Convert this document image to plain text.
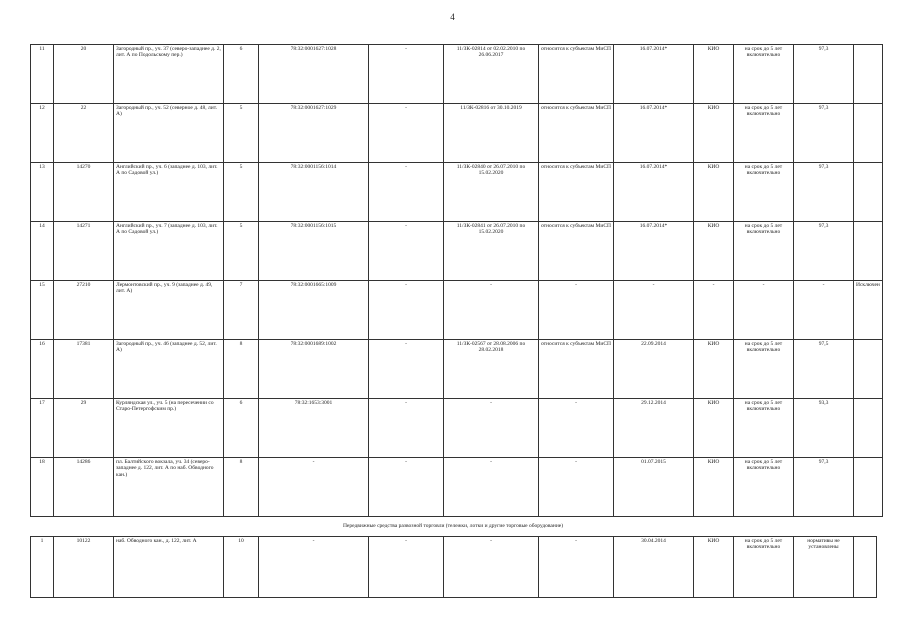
4
11	20	Загородный пр., уч. 37 (северо-западнее д. 2, лит. А по Подольскому пер.)	6	78:32:0001627:1028	-	11/ЗК-02814 от 02.02.2010 по 26.06.2017	относится к субъектам МиСП	16.07.2014*	КИО	на срок до 5 лет включительно	97,3	
12	22	Загородный пр., уч. 52 (северное д. 48, лит. А)	5	78:32:0001627:1029	-	11/ЗК-02816 от 30.10.2019	относится к субъектам МиСП	16.07.2014*	КИО	на срок до 5 лет включительно	97,3	
13	14270	Английский пр., уч. 6 (западнее д. 103, лит. А по Садовой ул.)	5	78:32:0001156:1014	-	11/ЗК-02840 от 26.07.2010 по 15.02.2020	относится к субъектам МиСП	16.07.2014*	КИО	на срок до 5 лет включительно	97,3	
14	14271	Английский пр., уч. 7 (западнее д. 103, лит. А по Садовой ул.)	5	78:32:0001156:1015	-	11/ЗК-02841 от 26.07.2010 по 15.02.2020	относится к субъектам МиСП	16.07.2014*	КИО	на срок до 5 лет включительно	97,3	
15	27210	Лермонтовский пр., уч. 9 (западнее д. 49, лит. А)	7	78:32:0001665:1009	-	-	-	-	-	-	-	Исключен
16	17381	Загородный пр., уч. 46 (западнее д. 52, лит. А)	8	78:32:0001689:1002	-	11/ЗК-02567 от 28.08.2006 по 28.02.2018	относится к субъектам МиСП	22.09.2014	КИО	на срок до 5 лет включительно	97,5	
17	29	Курляндская ул., уч. 5 (на пересечении со Старо-Петергофским пр.)	6	78:32:1653:3001	-	-	-	29.12.2014	КИО	на срок до 5 лет включительно	93,3	
18	14286	пл. Балтийского вокзала, уч. 34 (северо-западнее д. 122, лит. А по наб. Обводного кан.)	8	-	-	-	-	01.07.2015	КИО	на срок до 5 лет включительно	97,3	
Передвижные средства развозной торговли (тележки, лотки и другие торговые оборудование)
1	10122	наб. Обводного кан., д. 122, лит. А	10	-	-	-	-	30.04.2014	КИО	на срок до 5 лет включительно	нормативы не установлены	
